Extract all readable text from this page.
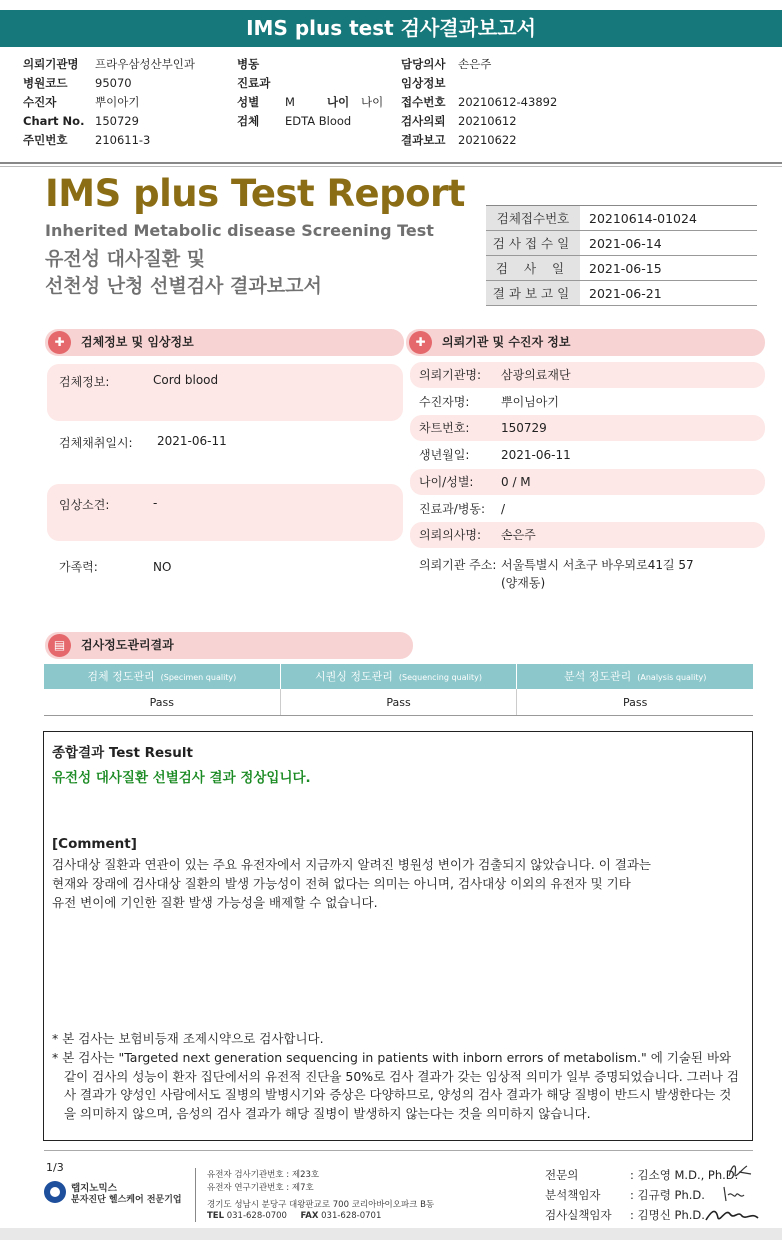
IMS plus test 검사결과보고서
의뢰기관명 프라우삼성산부인과
병원코드 95070
수진자	뿌이아기
Chart No. 150729
주민번호 210611-3
병동
진료과
성별 M	나이 나이
검체 EDTA Blood
담당의사 손은주
임상정보
접수번호 20210612-43892
검사의뢰 20210612
결과보고 20210622
IMS plus Test Report
Inherited Metabolic disease Screening Test
유전성 대사질환 및
선천성 난청 선별검사 결과보고서
검체접수번호	20210614-01024
검사접수일	2021-06-14
검 사 일	2021-06-15
결과보고일	2021-06-21
✚	검체정보 및 임상정보
검체정보:	Cord blood
검체채취일시: 2021-06-11
임상소견:	-
가족력:	NO
✚	의뢰기관 및 수진자 정보
의뢰기관명: 삼광의료재단
수진자명:	뿌이님아기
차트번호:	150729
생년월일:	2021-06-11
나이/성별: 0 / M
진료과/병동: /
의뢰의사명: 손은주
의뢰기관 주소: 서울특별시 서초구 바우뫼로41길 57
(양재동)
▤	검사정도관리결과
검체 정도관리 (Specimen quality)	시퀀싱 정도관리 (Sequencing quality)	분석 정도관리 (Analysis quality)
Pass	Pass	Pass
종합결과 Test Result
유전성 대사질환 선별검사 결과 정상입니다.
[Comment]
검사대상 질환과 연관이 있는 주요 유전자에서 지금까지 알려진 병원성 변이가 검출되지 않았습니다. 이 결과는
현재와 장래에 검사대상 질환의 발생 가능성이 전혀 없다는 의미는 아니며, 검사대상 이외의 유전자 및 기타
유전 변이에 기인한 질환 발생 가능성을 배제할 수 없습니다.
* 본 검사는 보험비등재 조제시약으로 검사합니다.
* 본 검사는 "Targeted next generation sequencing in patients with inborn errors of metabolism." 에 기술된 바와 같이 검사의 성능이 환자 집단에서의 유전적 진단율 50%로 검사 결과가 갖는 임상적 의미가 일부 증명되었습니다. 그러나 검사 결과가 양성인 사람에서도 질병의 발병시기와 증상은 다양하므로, 양성의 검사 결과가 해당 질병이 반드시 발생한다는 것을 의미하지 않으며, 음성의 검사 결과가 해당 질병이 발생하지 않는다는 것을 의미하지 않습니다.
1/3
랩지노믹스
분자진단 헬스케어 전문기업
유전자 검사기관번호 : 제23호
유전자 연구기관번호 : 제7호
경기도 성남시 분당구 대왕판교로 700 코리아바이오파크 B동
TEL 031-628-0700 FAX 031-628-0701
전문의	: 김소영 M.D., Ph.D.
분석책임자	: 김규령 Ph.D.
검사실책임자 : 김명신 Ph.D.
